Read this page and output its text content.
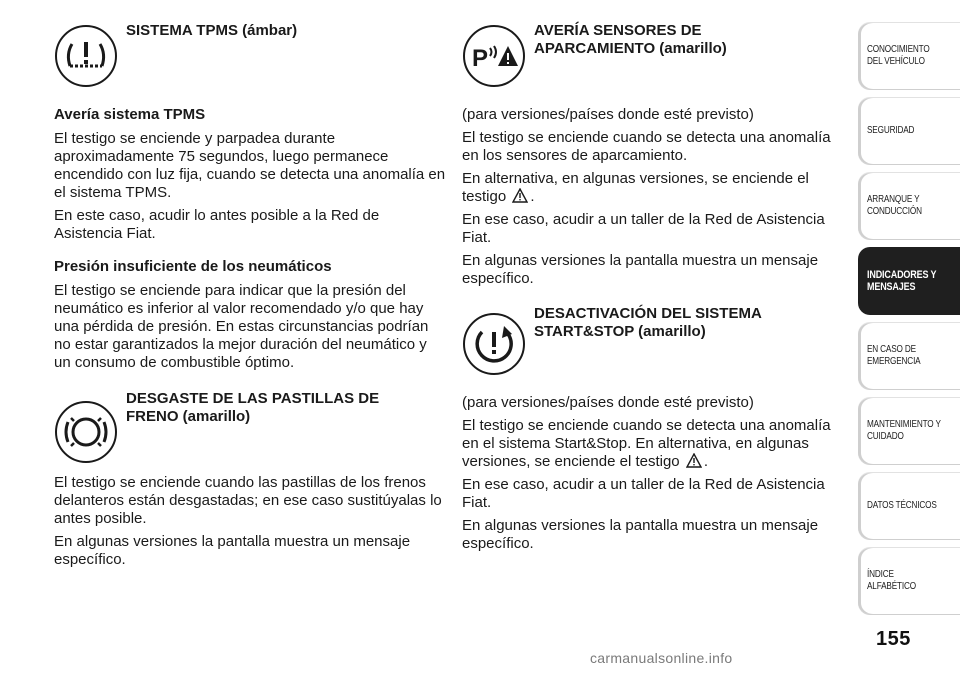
SISTEMA TPMS (ámbar)
Avería sistema TPMS

El testigo se enciende y parpadea durante aproximadamente 75 segundos, luego permanece encendido con luz fija, cuando se detecta una anomalía en el sistema TPMS.

En este caso, acudir lo antes posible a la Red de Asistencia Fiat.

Presión insuficiente de los neumáticos

El testigo se enciende para indicar que la presión del neumático es inferior al valor recomendado y/o que hay una pérdida de presión. En estas circunstancias podrían no estar garantizados la mejor duración del neumático y un consumo de combustible óptimo.

DESGASTE DE LAS PASTILLAS DE
FRENO (amarillo)

El testigo se enciende cuando las pastillas de los frenos delanteros están desgastadas; en ese caso sustitúyalas lo antes posible.

En algunas versiones la pantalla muestra un mensaje específico.

P
AVERÍA SENSORES DE
APARCAMIENTO (amarillo)

(para versiones/países donde esté previsto)

El testigo se enciende cuando se detecta una anomalía en los sensores de aparcamiento.

En alternativa, en algunas versiones, se enciende el testigo .

En ese caso, acudir a un taller de la Red de Asistencia Fiat.

En algunas versiones la pantalla muestra un mensaje específico.

DESACTIVACIÓN DEL SISTEMA
START&STOP (amarillo)

(para versiones/países donde esté previsto)

El testigo se enciende cuando se detecta una anomalía en el sistema Start&Stop. En alternativa, en algunas versiones, se enciende el testigo .

En ese caso, acudir a un taller de la Red de Asistencia Fiat.

En algunas versiones la pantalla muestra un mensaje específico.

CONOCIMIENTO
DEL VEHÍCULO
SEGURIDAD
ARRANQUE Y
CONDUCCIÓN
INDICADORES Y
MENSAJES
EN CASO DE
EMERGENCIA
MANTENIMIENTO Y
CUIDADO
DATOS TÉCNICOS
ÍNDICE ALFABÉTICO
155
carmanualsonline.info
